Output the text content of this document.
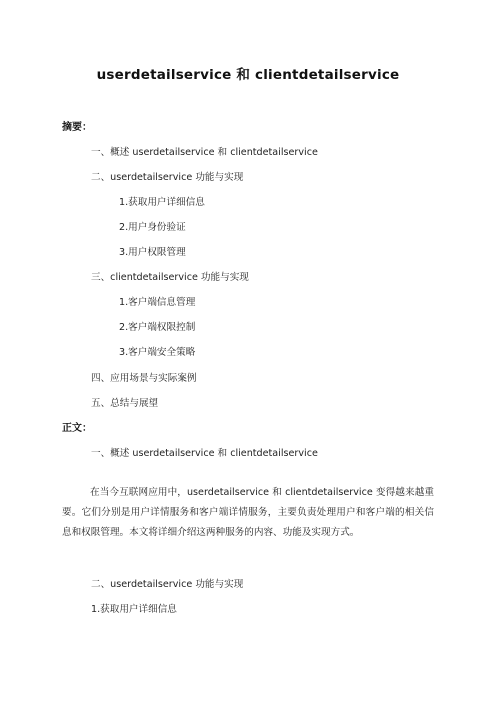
userdetailservice 和 clientdetailservice
摘要：
一、概述 userdetailservice 和 clientdetailservice
二、userdetailservice 功能与实现
1.获取用户详细信息
2.用户身份验证
3.用户权限管理
三、clientdetailservice 功能与实现
1.客户端信息管理
2.客户端权限控制
3.客户端安全策略
四、应用场景与实际案例
五、总结与展望
正文：
一、概述 userdetailservice 和 clientdetailservice
在当今互联网应用中，userdetailservice 和 clientdetailservice 变得越来越重要。它们分别是用户详情服务和客户端详情服务，主要负责处理用户和客户端的相关信息和权限管理。本文将详细介绍这两种服务的内容、功能及实现方式。
二、userdetailservice 功能与实现
1.获取用户详细信息
